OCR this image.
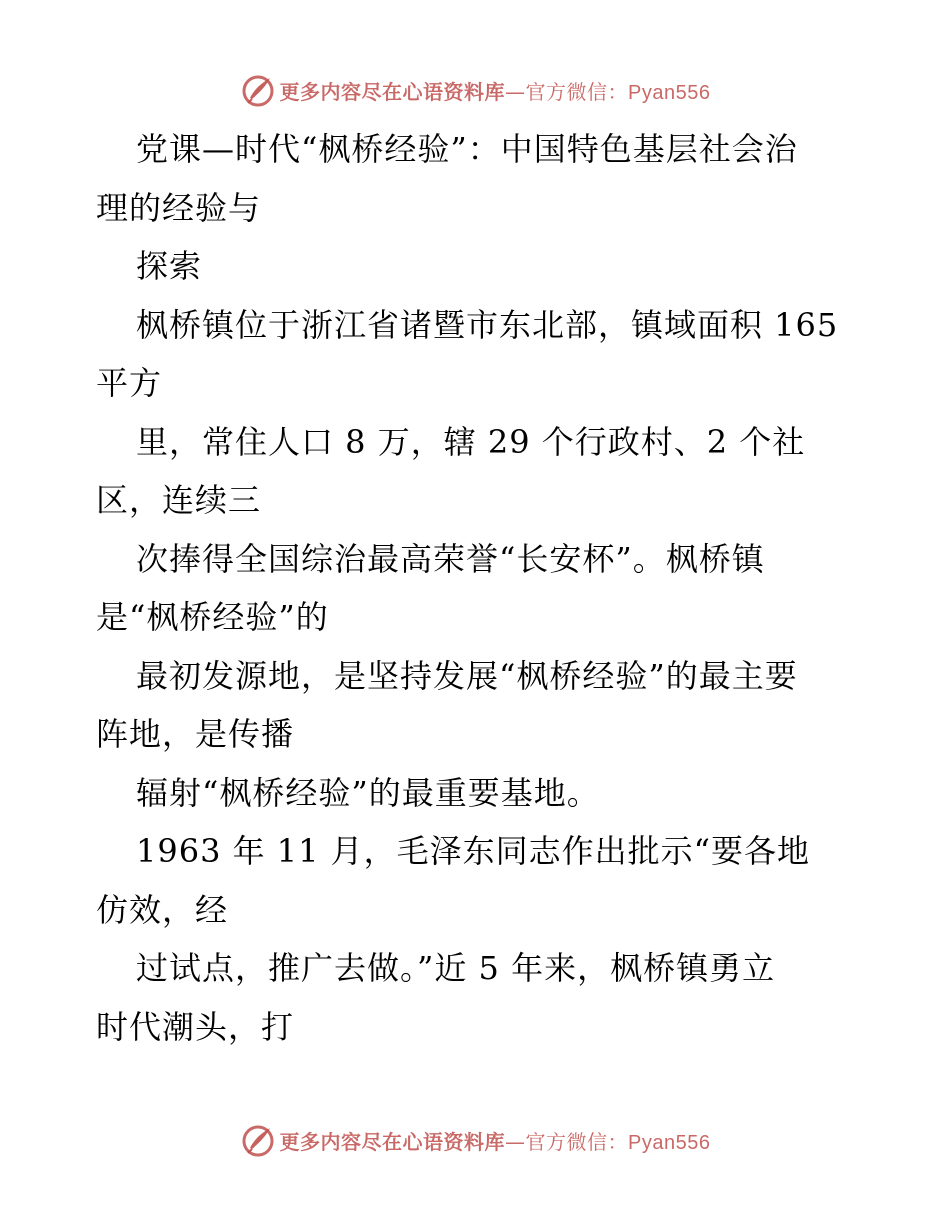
更多内容尽在心语资料库 — 官方微信： Pyan556
党课—时代“枫桥经验”：中国特色基层社会治
理的经验与
探索
枫桥镇位于浙江省诸暨市东北部，镇域面积 165
平方
里，常住人口 8 万，辖 29 个行政村、2 个社
区，连续三
次捧得全国综治最高荣誉“长安杯”。枫桥镇
是“枫桥经验”的
最初发源地，是坚持发展“枫桥经验”的最主要
阵地，是传播
辐射“枫桥经验”的最重要基地。
1963 年 11 月，毛泽东同志作出批示“要各地
仿效，经
过试点，推广去做。”近 5 年来，枫桥镇勇立
时代潮头，打
更多内容尽在心语资料库 — 官方微信： Pyan556
